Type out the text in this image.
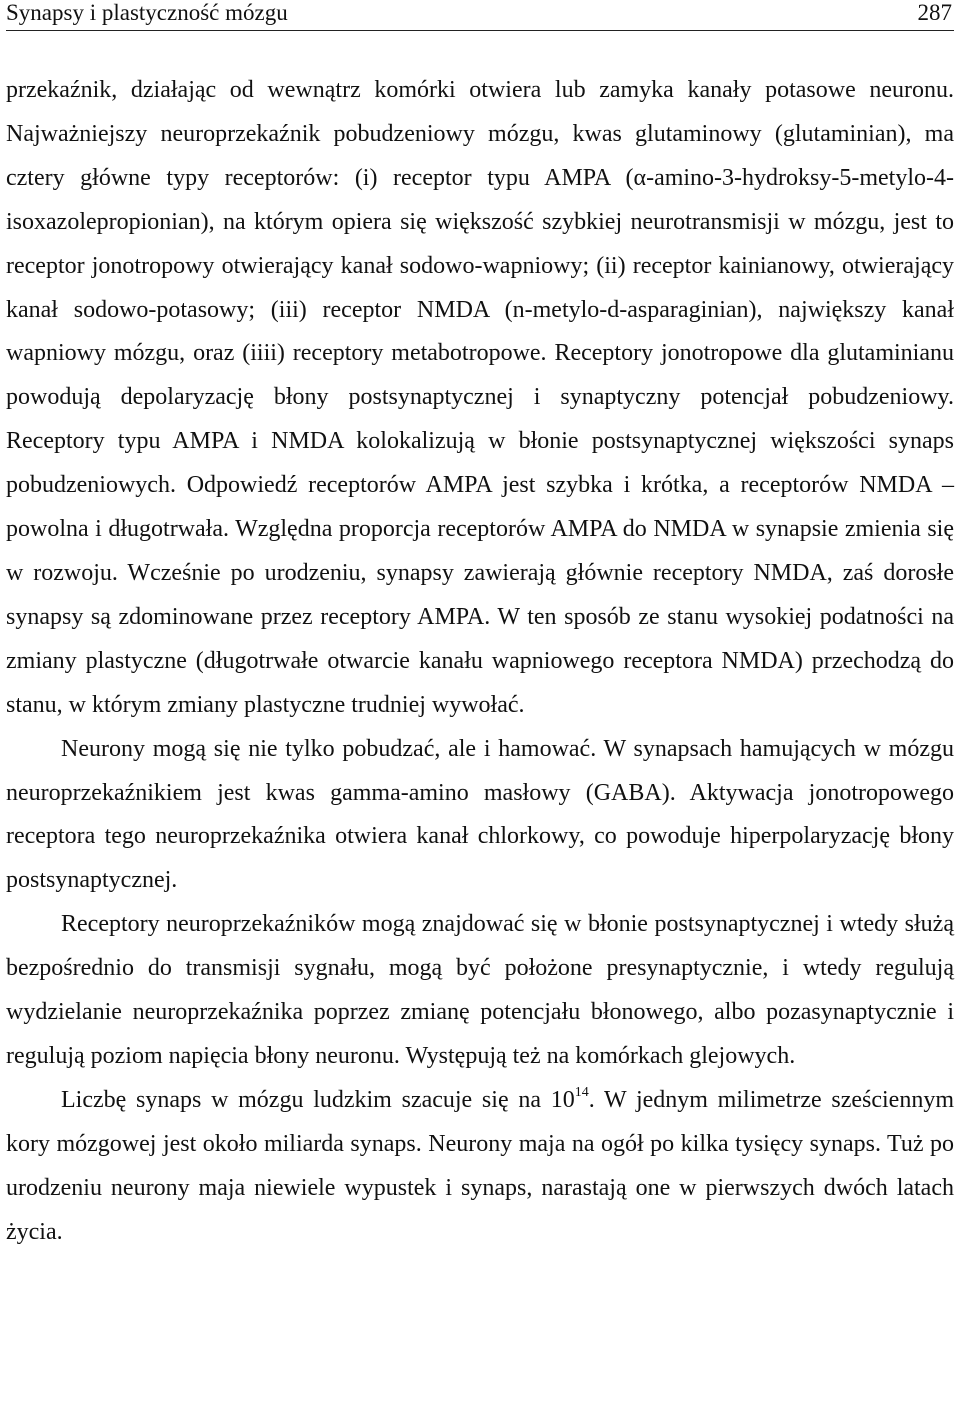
Synapsy i plastyczność mózgu	287

przekaźnik, działając od wewnątrz komórki otwiera lub zamyka kanały potasowe neuronu. Najważniejszy neuroprzekaźnik pobudzeniowy mózgu, kwas glutaminowy (glutaminian), ma cztery główne typy receptorów: (i) receptor typu AMPA (α-amino-3-hydroksy-5-metylo-4-isoxazolepropionian), na którym opiera się większość szybkiej neurotransmisji w mózgu, jest to receptor jonotropowy otwierający kanał sodowo-wapniowy; (ii) receptor kainianowy, otwierający kanał sodowo-potasowy; (iii) receptor NMDA (n-metylo-d-asparaginian), największy kanał wapniowy mózgu, oraz (iiii) receptory metabotropowe. Receptory jonotropowe dla glutaminianu powodują depolaryzację błony postsynaptycznej i synaptyczny potencjał pobudzeniowy. Receptory typu AMPA i NMDA kolokalizują w błonie postsynaptycznej większości synaps pobudzeniowych. Odpowiedź receptorów AMPA jest szybka i krótka, a receptorów NMDA – powolna i długotrwała. Względna proporcja receptorów AMPA do NMDA w synapsie zmienia się w rozwoju. Wcześnie po urodzeniu, synapsy zawierają głównie receptory NMDA, zaś dorosłe synapsy są zdominowane przez receptory AMPA. W ten sposób ze stanu wysokiej podatności na zmiany plastyczne (długotrwałe otwarcie kanału wapniowego receptora NMDA) przechodzą do stanu, w którym zmiany plastyczne trudniej wywołać.

Neurony mogą się nie tylko pobudzać, ale i hamować. W synapsach hamujących w mózgu neuroprzekaźnikiem jest kwas gamma-amino masłowy (GABA). Aktywacja jonotropowego receptora tego neuroprzekaźnika otwiera kanał chlorkowy, co powoduje hiperpolaryzację błony postsynaptycznej.

Receptory neuroprzekaźników mogą znajdować się w błonie postsynaptycznej i wtedy służą bezpośrednio do transmisji sygnału, mogą być położone presynaptycznie, i wtedy regulują wydzielanie neuroprzekaźnika poprzez zmianę potencjału błonowego, albo pozasynaptycznie i regulują poziom napięcia błony neuronu. Występują też na komórkach glejowych.

Liczbę synaps w mózgu ludzkim szacuje się na $10^{14}$. W jednym milimetrze sześciennym kory mózgowej jest około miliarda synaps. Neurony maja na ogół po kilka tysięcy synaps. Tuż po urodzeniu neurony maja niewiele wypustek i synaps, narastają one w pierwszych dwóch latach życia.
